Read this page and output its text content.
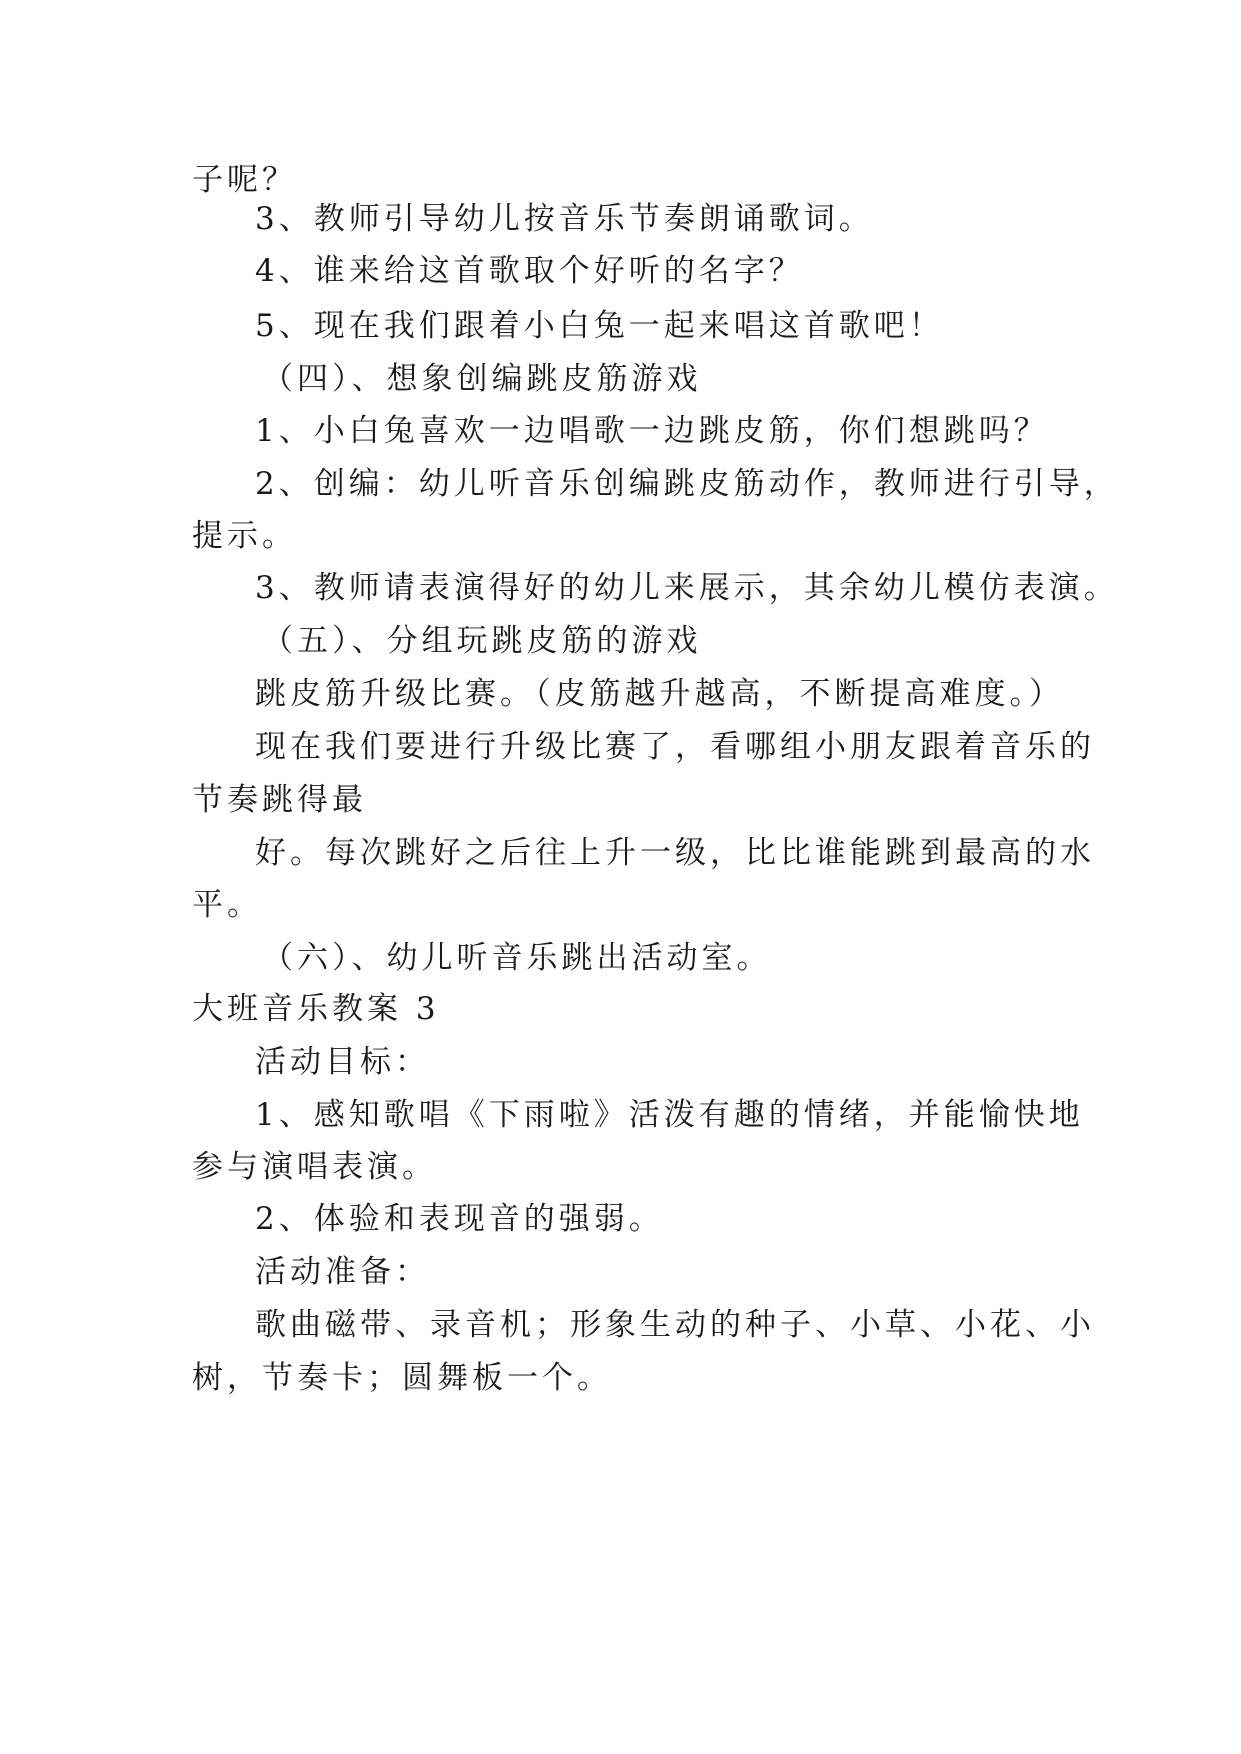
子呢？
3、教师引导幼儿按音乐节奏朗诵歌词。
4、谁来给这首歌取个好听的名字？
5、现在我们跟着小白兔一起来唱这首歌吧！
（四）、想象创编跳皮筋游戏
1、小白兔喜欢一边唱歌一边跳皮筋，你们想跳吗？
2、创编：幼儿听音乐创编跳皮筋动作，教师进行引导，
提示。
3、教师请表演得好的幼儿来展示，其余幼儿模仿表演。
（五）、分组玩跳皮筋的游戏
跳皮筋升级比赛。（皮筋越升越高，不断提高难度。）
现在我们要进行升级比赛了，看哪组小朋友跟着音乐的
节奏跳得最
好。每次跳好之后往上升一级，比比谁能跳到最高的水
平。
（六）、幼儿听音乐跳出活动室。
大班音乐教案 3
活动目标：
1、感知歌唱《下雨啦》活泼有趣的情绪，并能愉快地
参与演唱表演。
2、体验和表现音的强弱。
活动准备：
歌曲磁带、录音机；形象生动的种子、小草、小花、小
树，节奏卡；圆舞板一个。
